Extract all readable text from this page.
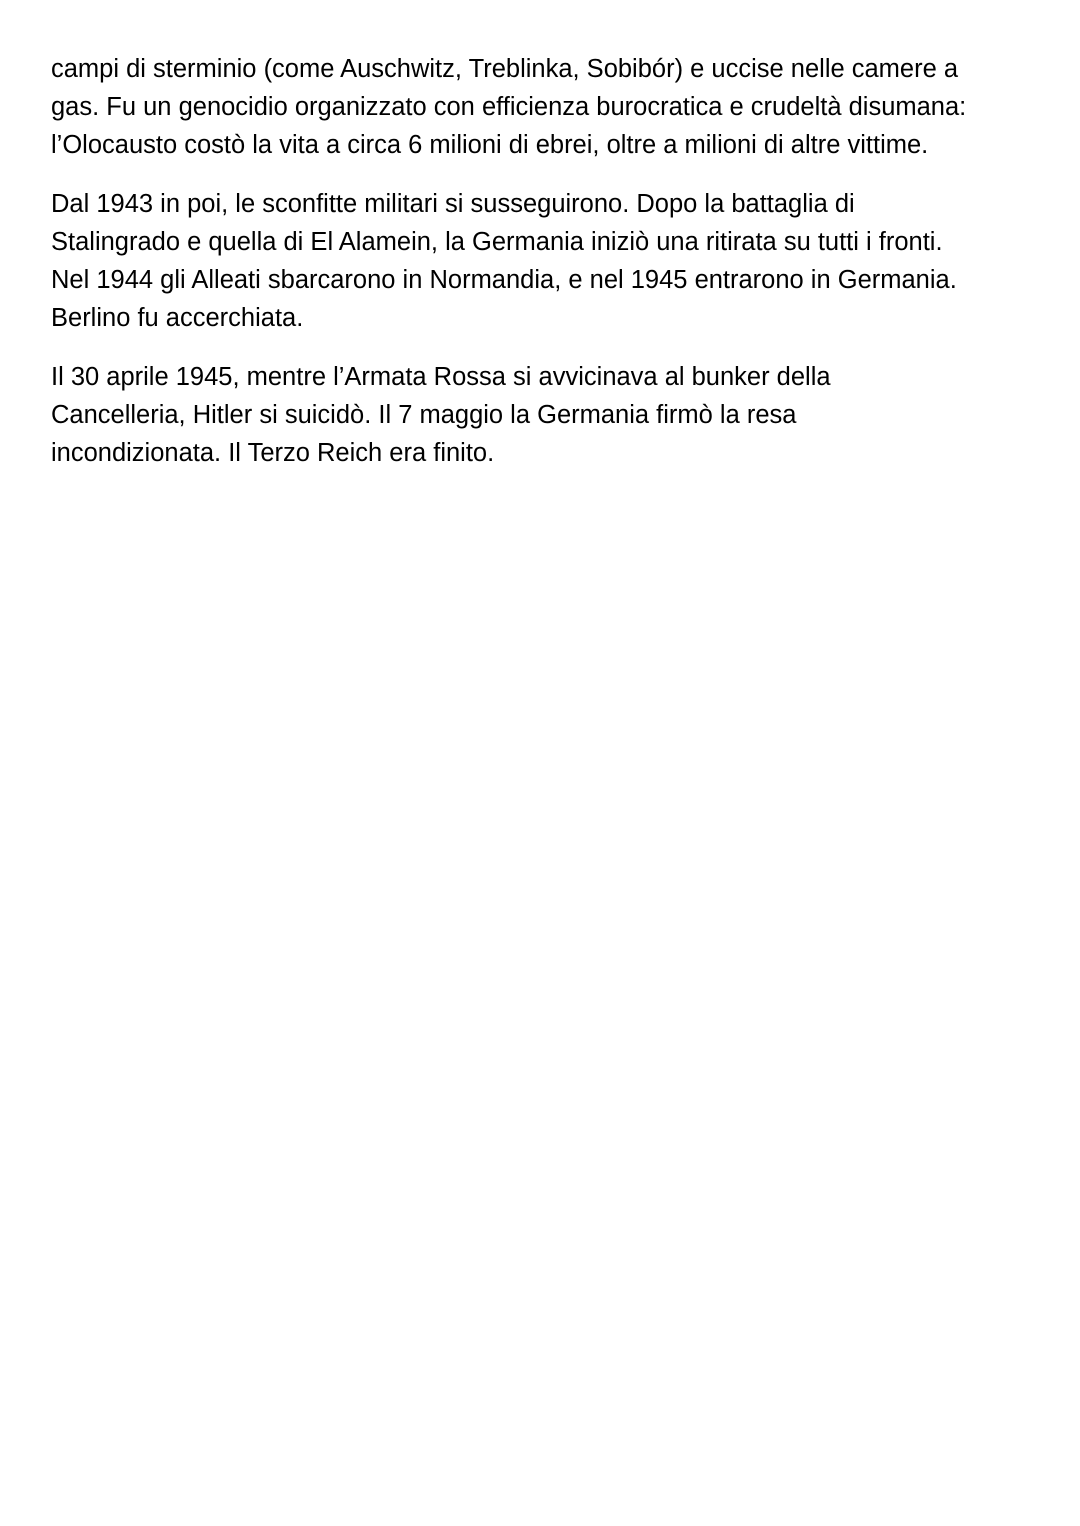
campi di sterminio (come Auschwitz, Treblinka, Sobibór) e uccise nelle camere a
gas. Fu un genocidio organizzato con efficienza burocratica e crudeltà disumana:
l’Olocausto costò la vita a circa 6 milioni di ebrei, oltre a milioni di altre vittime.

Dal 1943 in poi, le sconfitte militari si susseguirono. Dopo la battaglia di
Stalingrado e quella di El Alamein, la Germania iniziò una ritirata su tutti i fronti.
Nel 1944 gli Alleati sbarcarono in Normandia, e nel 1945 entrarono in Germania.
Berlino fu accerchiata.

Il 30 aprile 1945, mentre l’Armata Rossa si avvicinava al bunker della
Cancelleria, Hitler si suicidò. Il 7 maggio la Germania firmò la resa
incondizionata. Il Terzo Reich era finito.
